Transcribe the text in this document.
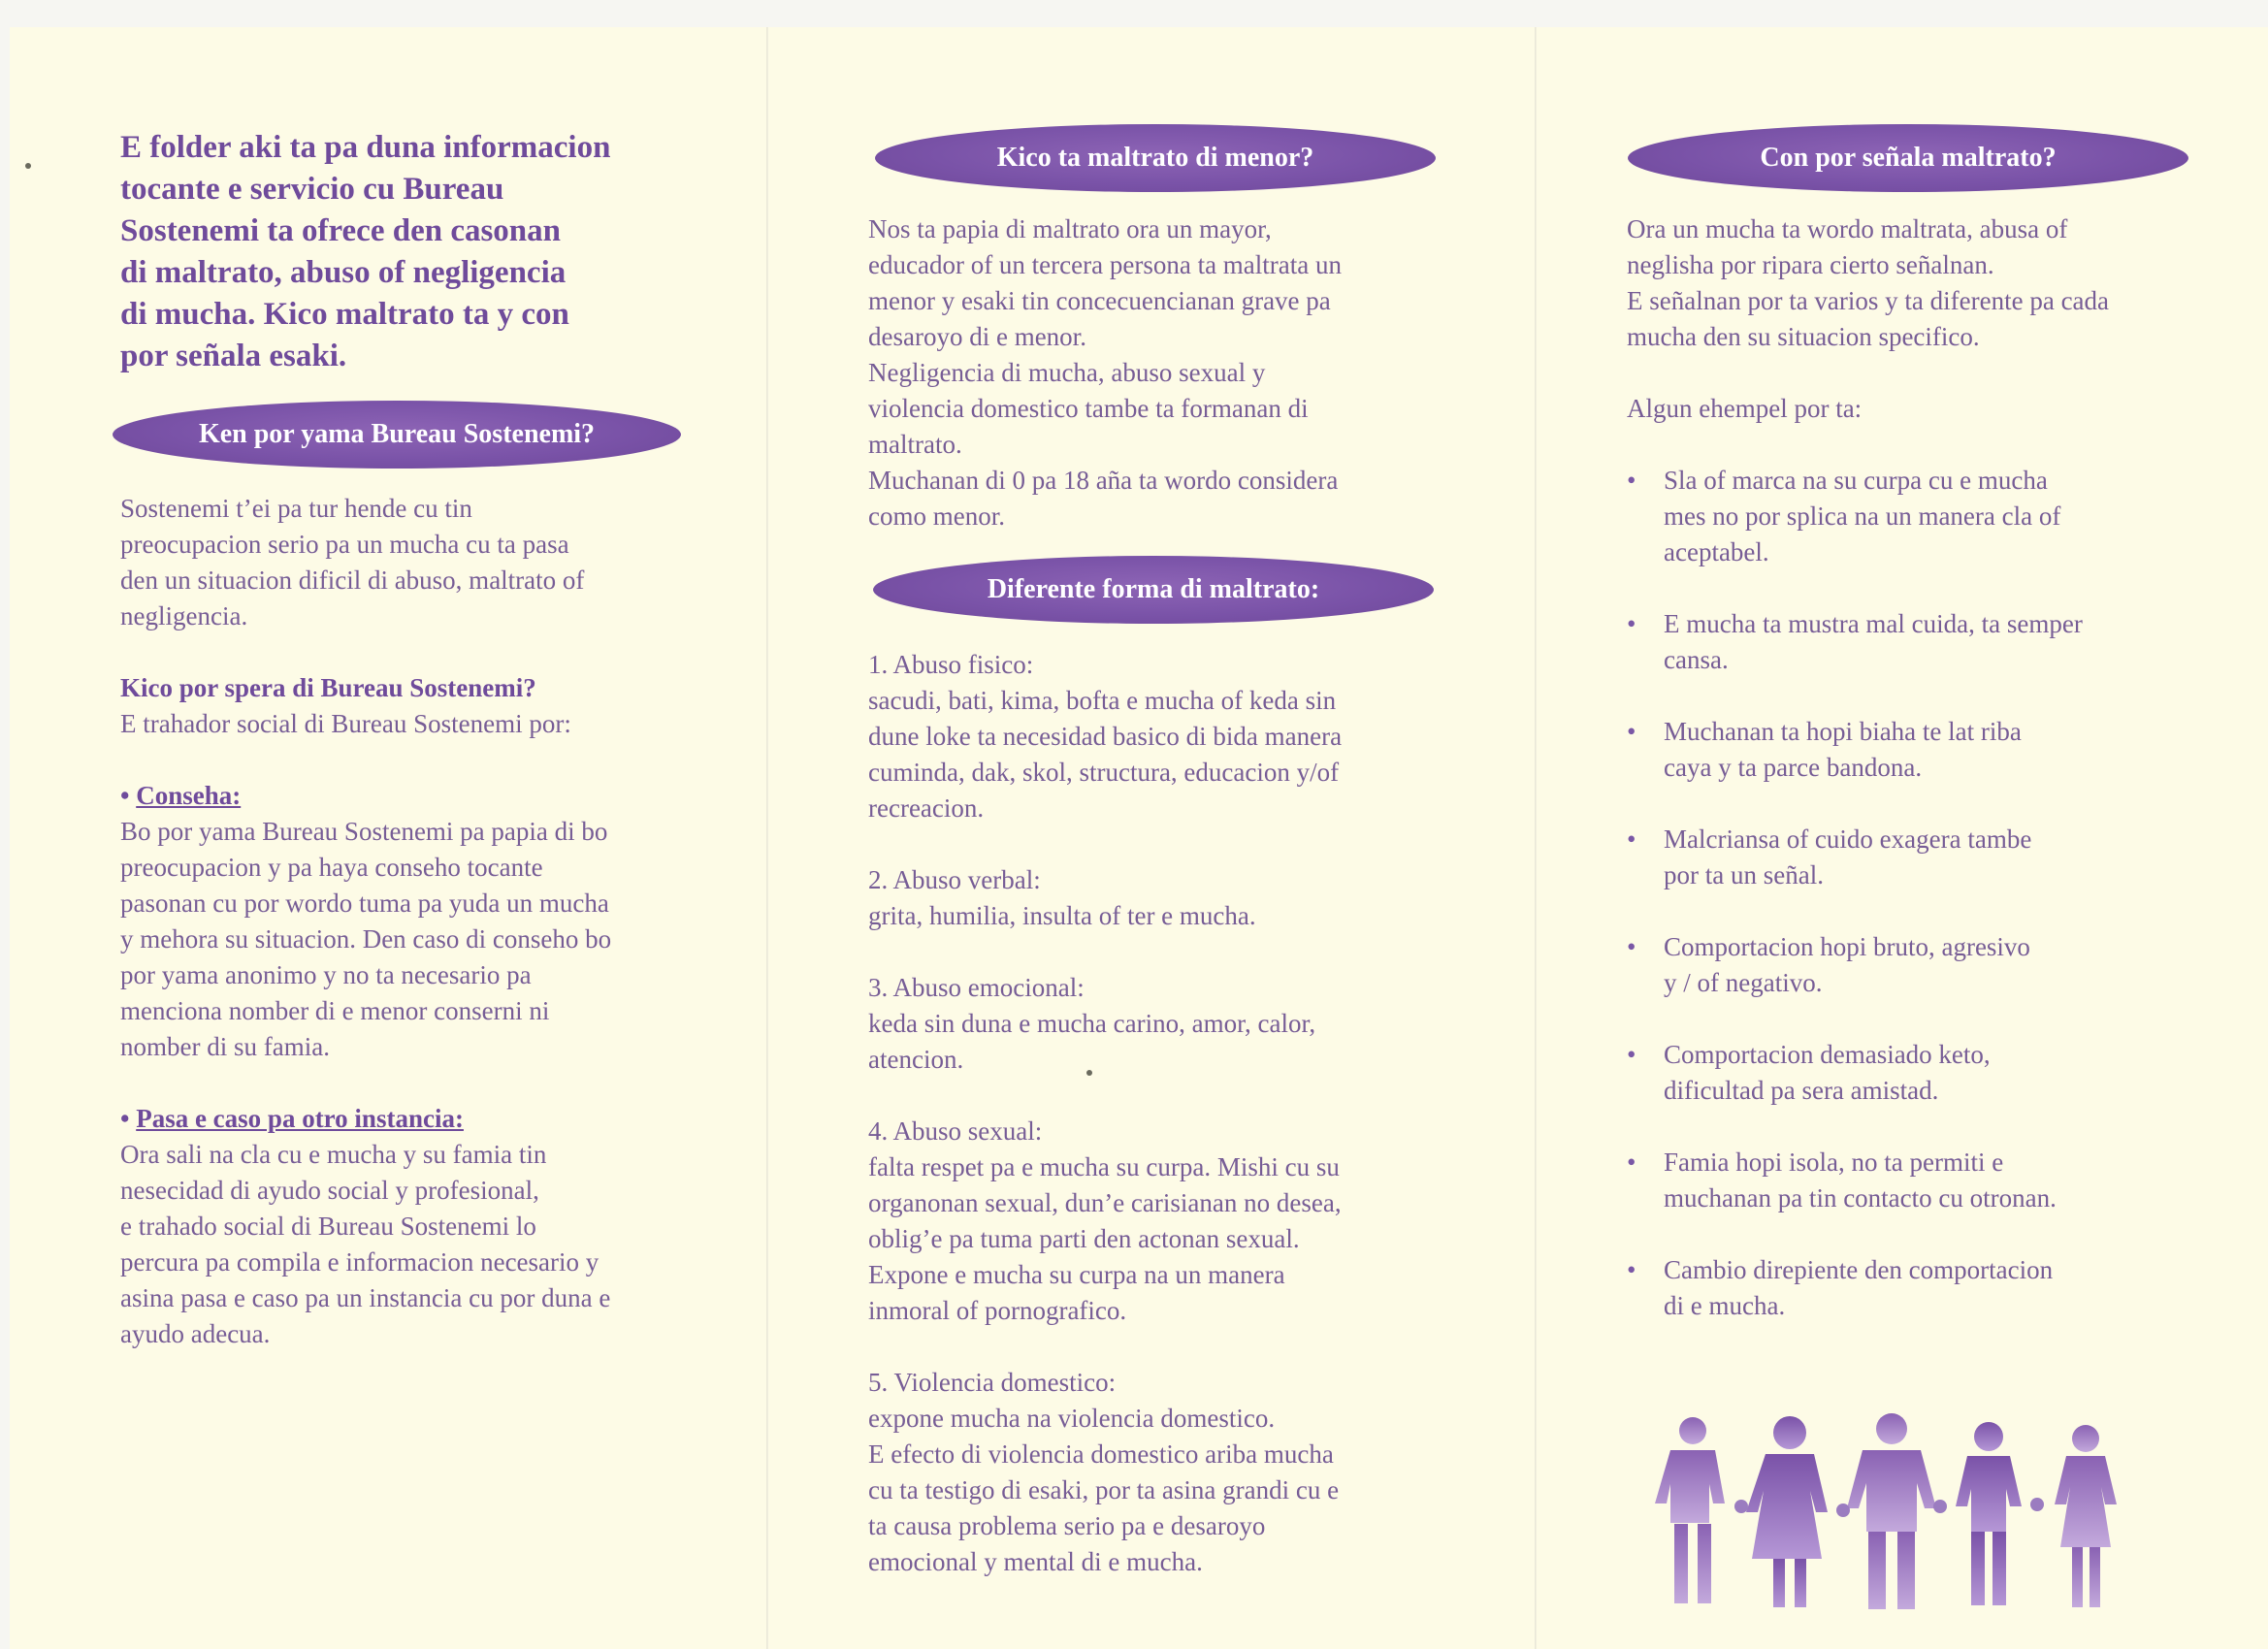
E folder aki ta pa duna informacion
tocante e servicio cu Bureau
Sostenemi ta ofrece den casonan
di maltrato, abuso of negligencia
di mucha. Kico maltrato ta y con
por señala esaki.
Ken por yama Bureau Sostenemi?
Sostenemi t’ei pa tur hende cu tin
preocupacion serio pa un mucha cu ta pasa
den un situacion dificil di abuso, maltrato of
negligencia.
Kico por spera di Bureau Sostenemi?
E trahador social di Bureau Sostenemi por:
• Conseha:
Bo por yama Bureau Sostenemi pa papia di bo
preocupacion y pa haya conseho tocante
pasonan cu por wordo tuma pa yuda un mucha
y mehora su situacion. Den caso di conseho bo
por yama anonimo y no ta necesario pa
menciona nomber di e menor conserni ni
nomber di su famia.
• Pasa e caso pa otro instancia:
Ora sali na cla cu e mucha y su famia tin
nesecidad di ayudo social y profesional,
e trahado social di Bureau Sostenemi lo
percura pa compila e informacion necesario y
asina pasa e caso pa un instancia cu por duna e
ayudo adecua.
Kico ta maltrato di menor?
Nos ta papia di maltrato ora un mayor,
educador of un tercera persona ta maltrata un
menor y esaki tin concecuencianan grave pa
desaroyo di e menor.
Negligencia di mucha, abuso sexual y
violencia domestico tambe ta formanan di
maltrato.
Muchanan di 0 pa 18 aña ta wordo considera
como menor.
Diferente forma di maltrato:
1. Abuso fisico:
sacudi, bati, kima, bofta e mucha of keda sin
dune loke ta necesidad basico di bida manera
cuminda, dak, skol, structura, educacion y/of
recreacion.
2. Abuso verbal:
grita, humilia, insulta of ter e mucha.
3. Abuso emocional:
keda sin duna e mucha carino, amor, calor,
atencion.
4. Abuso sexual:
falta respet pa e mucha su curpa. Mishi cu su
organonan sexual, dun’e carisianan no desea,
oblig’e pa tuma parti den actonan sexual.
Expone e mucha su curpa na un manera
inmoral of pornografico.
5. Violencia domestico:
expone mucha na violencia domestico.
E efecto di violencia domestico ariba mucha
cu ta testigo di esaki, por ta asina grandi cu e
ta causa problema serio pa e desaroyo
emocional y mental di e mucha.
Con por señala maltrato?
Ora un mucha ta wordo maltrata, abusa of
neglisha por ripara cierto señalnan.
E señalnan por ta varios y ta diferente pa cada
mucha den su situacion specifico.
Algun ehempel por ta:
• Sla of marca na su curpa cu e mucha
mes no por splica na un manera cla of
aceptabel.
• E mucha ta mustra mal cuida, ta semper
cansa.
• Muchanan ta hopi biaha te lat riba
caya y ta parce bandona.
• Malcriansa of cuido exagera tambe
por ta un señal.
• Comportacion hopi bruto, agresivo
y / of negativo.
• Comportacion demasiado keto,
dificultad pa sera amistad.
• Famia hopi isola, no ta permiti e
muchanan pa tin contacto cu otronan.
• Cambio direpiente den comportacion
di e mucha.
